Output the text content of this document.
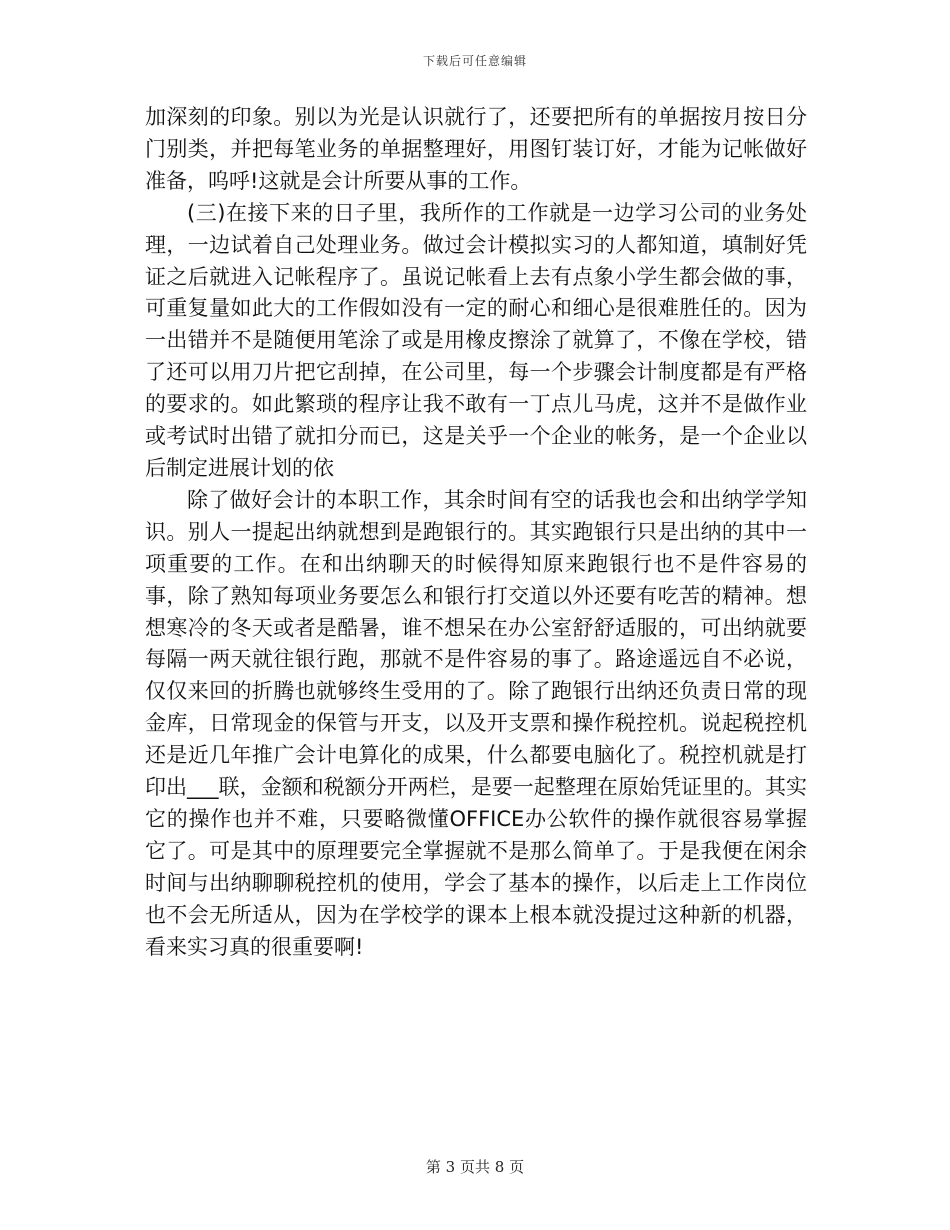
下载后可任意编辑

加深刻的印象。别以为光是认识就行了，还要把所有的单据按月按日分门别类，并把每笔业务的单据整理好，用图钉装订好，才能为记帐做好准备，呜呼!这就是会计所要从事的工作。

(三)在接下来的日子里，我所作的工作就是一边学习公司的业务处理，一边试着自己处理业务。做过会计模拟实习的人都知道，填制好凭证之后就进入记帐程序了。虽说记帐看上去有点象小学生都会做的事，可重复量如此大的工作假如没有一定的耐心和细心是很难胜任的。因为一出错并不是随便用笔涂了或是用橡皮擦涂了就算了，不像在学校，错了还可以用刀片把它刮掉，在公司里，每一个步骤会计制度都是有严格的要求的。如此繁琐的程序让我不敢有一丁点儿马虎，这并不是做作业或考试时出错了就扣分而已，这是关乎一个企业的帐务，是一个企业以后制定进展计划的依

除了做好会计的本职工作，其余时间有空的话我也会和出纳学学知识。别人一提起出纳就想到是跑银行的。其实跑银行只是出纳的其中一项重要的工作。在和出纳聊天的时候得知原来跑银行也不是件容易的事，除了熟知每项业务要怎么和银行打交道以外还要有吃苦的精神。想想寒冷的冬天或者是酷暑，谁不想呆在办公室舒舒适服的，可出纳就要每隔一两天就往银行跑，那就不是件容易的事了。路途遥远自不必说，仅仅来回的折腾也就够终生受用的了。除了跑银行出纳还负责日常的现金库，日常现金的保管与开支，以及开支票和操作税控机。说起税控机还是近几年推广会计电算化的成果，什么都要电脑化了。税控机就是打印出___联，金额和税额分开两栏，是要一起整理在原始凭证里的。其实它的操作也并不难，只要略微懂OFFICE办公软件的操作就很容易掌握它了。可是其中的原理要完全掌握就不是那么简单了。于是我便在闲余时间与出纳聊聊税控机的使用，学会了基本的操作，以后走上工作岗位也不会无所适从，因为在学校学的课本上根本就没提过这种新的机器，看来实习真的很重要啊!

第 3 页共 8 页
